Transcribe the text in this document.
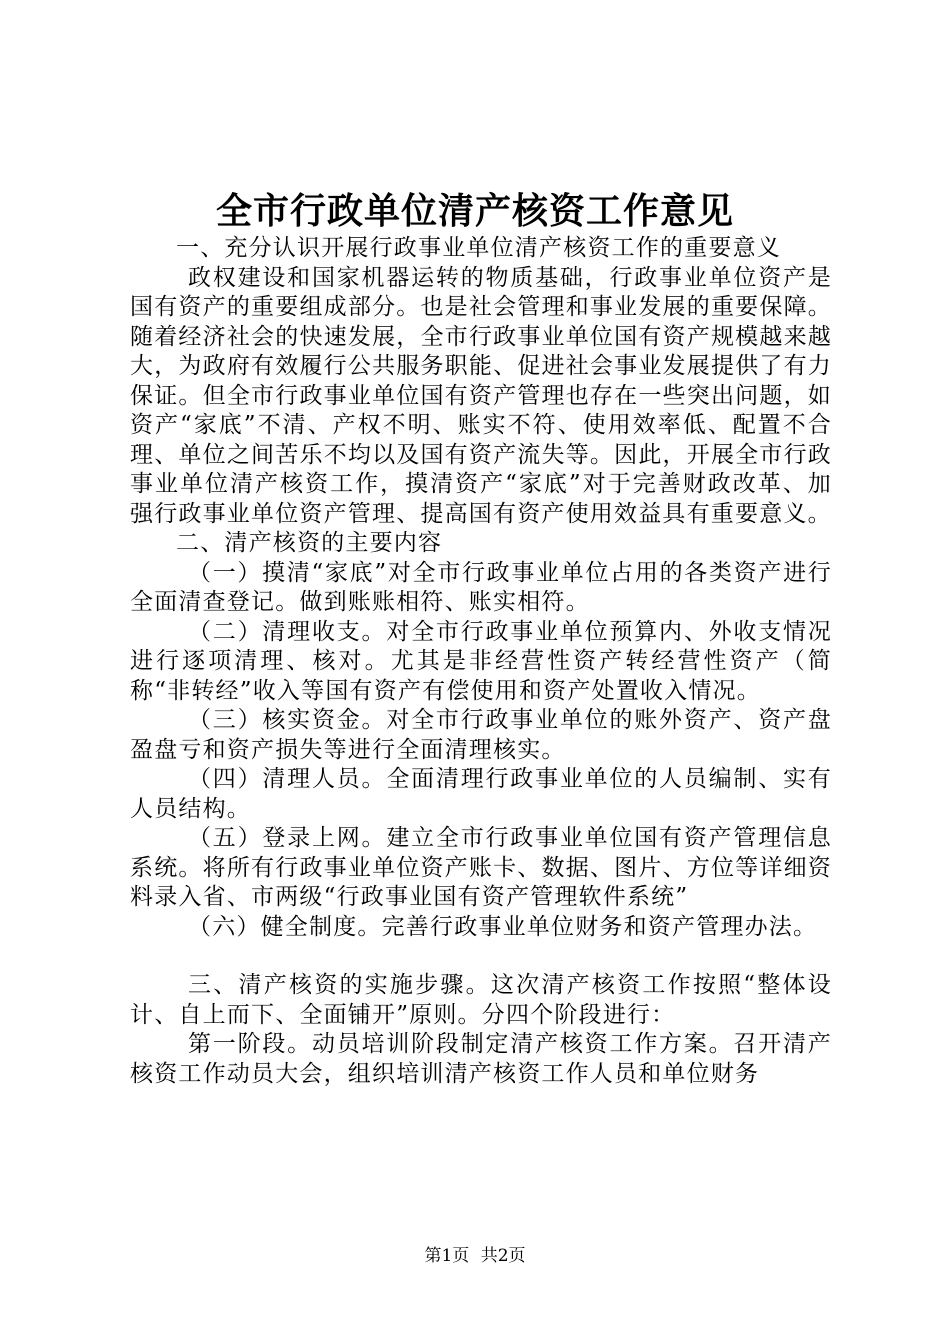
全市行政单位清产核资工作意见

一、充分认识开展行政事业单位清产核资工作的重要意义

政权建设和国家机器运转的物质基础，行政事业单位资产是国有资产的重要组成部分。也是社会管理和事业发展的重要保障。随着经济社会的快速发展，全市行政事业单位国有资产规模越来越大，为政府有效履行公共服务职能、促进社会事业发展提供了有力保证。但全市行政事业单位国有资产管理也存在一些突出问题，如资产“家底”不清、产权不明、账实不符、使用效率低、配置不合理、单位之间苦乐不均以及国有资产流失等。因此，开展全市行政事业单位清产核资工作，摸清资产“家底”对于完善财政改革、加强行政事业单位资产管理、提高国有资产使用效益具有重要意义。

二、清产核资的主要内容

（一）摸清“家底”对全市行政事业单位占用的各类资产进行全面清查登记。做到账账相符、账实相符。

（二）清理收支。对全市行政事业单位预算内、外收支情况进行逐项清理、核对。尤其是非经营性资产转经营性资产（简称“非转经”收入等国有资产有偿使用和资产处置收入情况。

（三）核实资金。对全市行政事业单位的账外资产、资产盘盈盘亏和资产损失等进行全面清理核实。

（四）清理人员。全面清理行政事业单位的人员编制、实有人员结构。

（五）登录上网。建立全市行政事业单位国有资产管理信息系统。将所有行政事业单位资产账卡、数据、图片、方位等详细资料录入省、市两级“行政事业国有资产管理软件系统”

（六）健全制度。完善行政事业单位财务和资产管理办法。

三、清产核资的实施步骤。这次清产核资工作按照“整体设计、自上而下、全面铺开”原则。分四个阶段进行：

第一阶段。动员培训阶段制定清产核资工作方案。召开清产核资工作动员大会，组织培训清产核资工作人员和单位财务

第1页 共2页
